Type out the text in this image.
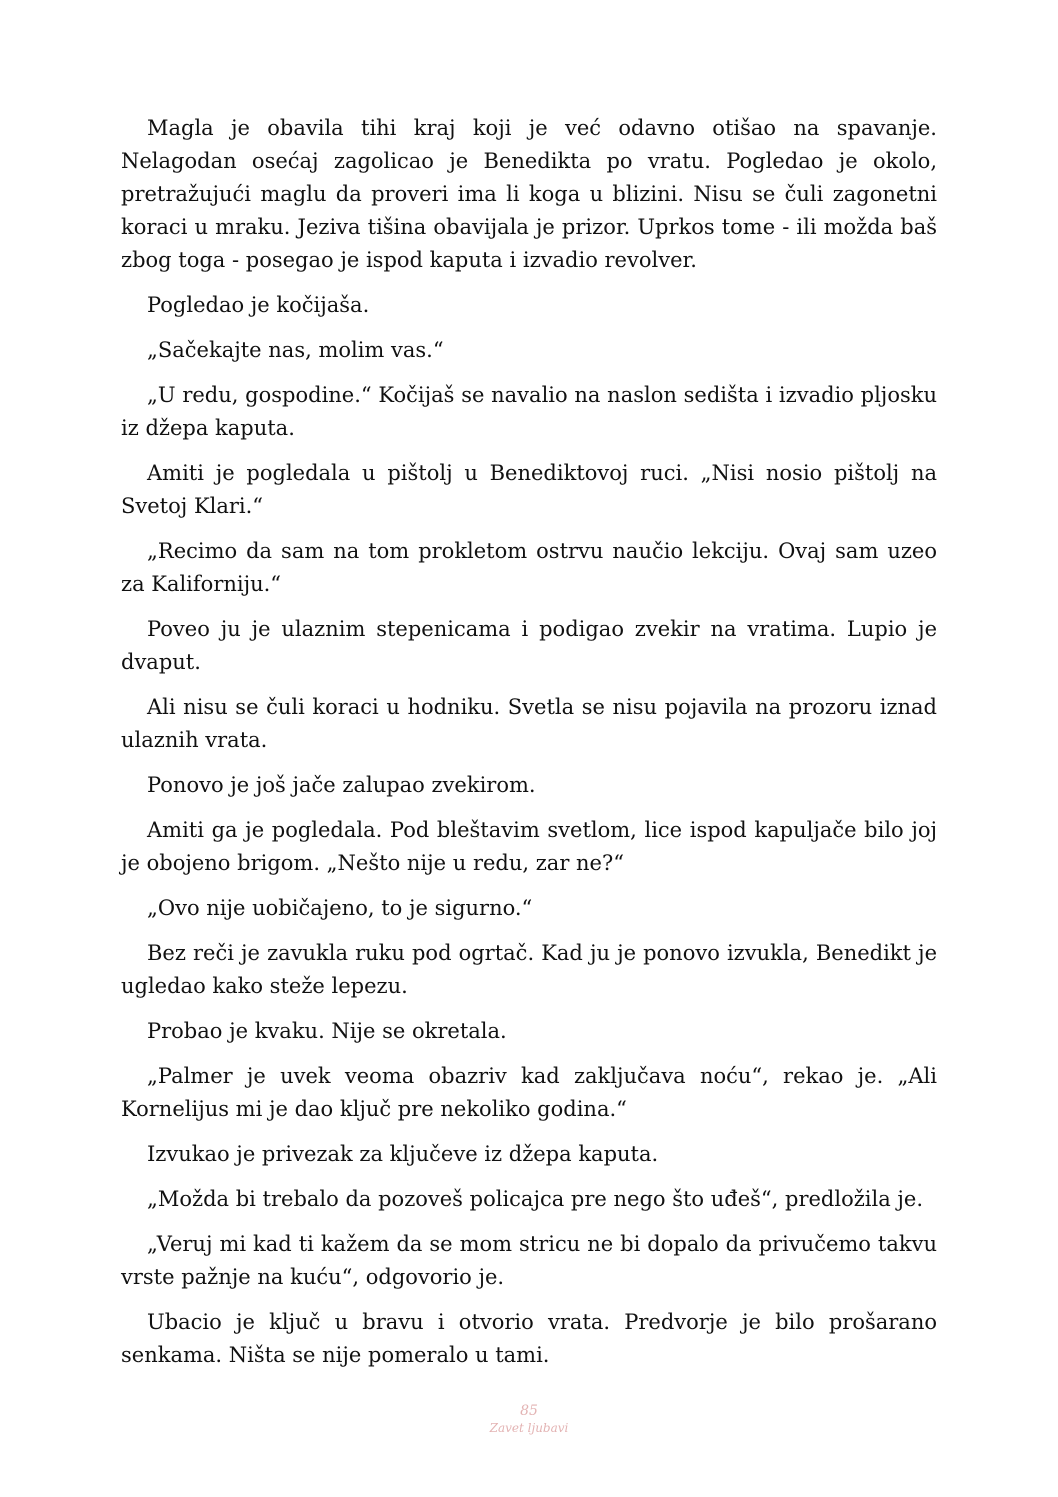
Magla je obavila tihi kraj koji je već odavno otišao na spavanje. Nelagodan osećaj zagolicao je Benedikta po vratu. Pogledao je okolo, pretražujući maglu da proveri ima li koga u blizini. Nisu se čuli zagonetni koraci u mraku. Jeziva tišina obavijala je prizor. Uprkos tome - ili možda baš zbog toga - posegao je ispod kaputa i izvadio revolver.

Pogledao je kočijaša.

„Sačekajte nas, molim vas.“

„U redu, gospodine.“ Kočijaš se navalio na naslon sedišta i izvadio pljosku iz džepa kaputa.

Amiti je pogledala u pištolj u Benediktovoj ruci. „Nisi nosio pištolj na Svetoj Klari.“

„Recimo da sam na tom prokletom ostrvu naučio lekciju. Ovaj sam uzeo za Kaliforniju.“

Poveo ju je ulaznim stepenicama i podigao zvekir na vratima. Lupio je dvaput.

Ali nisu se čuli koraci u hodniku. Svetla se nisu pojavila na prozoru iznad ulaznih vrata.

Ponovo je još jače zalupao zvekirom.

Amiti ga je pogledala. Pod bleštavim svetlom, lice ispod kapuljače bilo joj je obojeno brigom. „Nešto nije u redu, zar ne?“

„Ovo nije uobičajeno, to je sigurno.“

Bez reči je zavukla ruku pod ogrtač. Kad ju je ponovo izvukla, Benedikt je ugledao kako steže lepezu.

Probao je kvaku. Nije se okretala.

„Palmer je uvek veoma obazriv kad zaključava noću“, rekao je. „Ali Kornelijus mi je dao ključ pre nekoliko godina.“

Izvukao je privezak za ključeve iz džepa kaputa.

„Možda bi trebalo da pozoveš policajca pre nego što uđeš“, predložila je.

„Veruj mi kad ti kažem da se mom stricu ne bi dopalo da privučemo takvu vrste pažnje na kuću“, odgovorio je.

Ubacio je ključ u bravu i otvorio vrata. Predvorje je bilo prošarano senkama. Ništa se nije pomeralo u tami.

85
Zavet ljubavi
